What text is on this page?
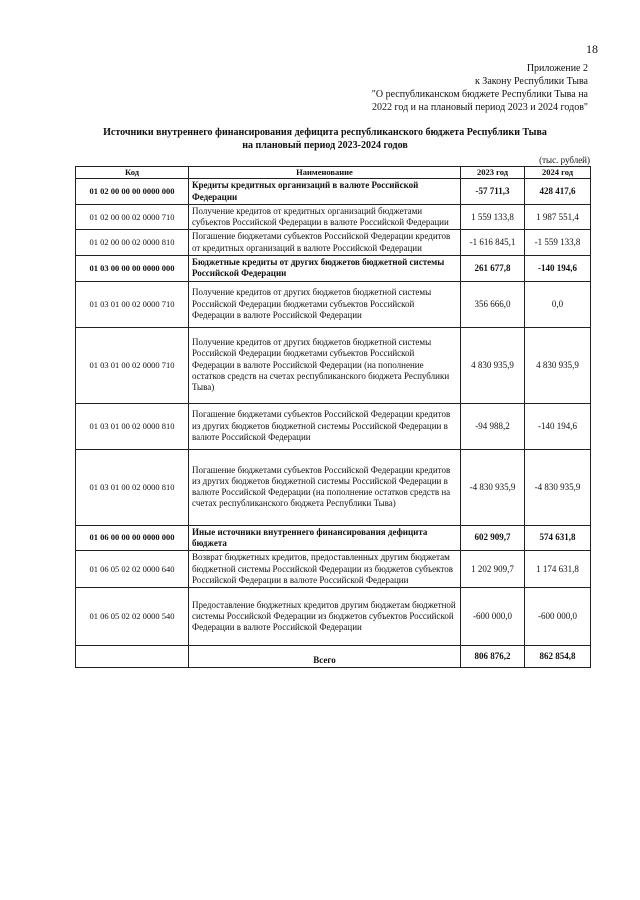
18
Приложение 2
к Закону Республики Тыва
"О республиканском бюджете Республики Тыва на
2022 год и на плановый период 2023 и 2024 годов"
Источники внутреннего финансирования дефицита республиканского бюджета Республики Тыва
на плановый период 2023-2024 годов
(тыс. рублей)
Код	Наименование	2023 год	2024 год
01 02 00 00 00 0000 000	Кредиты кредитных организаций в валюте Российской Федерации	-57 711,3	428 417,6
01 02 00 00 02 0000 710	Получение кредитов от кредитных организаций бюджетами субъектов Российской Федерации в валюте Российской Федерации	1 559 133,8	1 987 551,4
01 02 00 00 02 0000 810	Погашение бюджетами субъектов Российской Федерации кредитов от кредитных организаций в валюте Российской Федерации	-1 616 845,1	-1 559 133,8
01 03 00 00 00 0000 000	Бюджетные кредиты от других бюджетов бюджетной системы Российской Федерации	261 677,8	-140 194,6
01 03 01 00 02 0000 710	Получение кредитов от других бюджетов бюджетной системы Российской Федерации бюджетами субъектов Российской Федерации в валюте Российской Федерации	356 666,0	0,0
01 03 01 00 02 0000 710	Получение кредитов от других бюджетов бюджетной системы Российской Федерации бюджетами субъектов Российской Федерации в валюте Российской Федерации (на пополнение остатков средств на счетах республиканского бюджета Республики Тыва)	4 830 935,9	4 830 935,9
01 03 01 00 02 0000 810	Погашение бюджетами субъектов Российской Федерации кредитов из других бюджетов бюджетной системы Российской Федерации в валюте Российской Федерации	-94 988,2	-140 194,6
01 03 01 00 02 0000 810	Погашение бюджетами субъектов Российской Федерации кредитов из других бюджетов бюджетной системы Российской Федерации в валюте Российской Федерации (на пополнение остатков средств на счетах республиканского бюджета Республики Тыва)	-4 830 935,9	-4 830 935,9
01 06 00 00 00 0000 000	Иные источники внутреннего финансирования дефицита бюджета	602 909,7	574 631,8
01 06 05 02 02 0000 640	Возврат бюджетных кредитов, предоставленных другим бюджетам бюджетной системы Российской Федерации из бюджетов субъектов Российской Федерации в валюте Российской Федерации	1 202 909,7	1 174 631,8
01 06 05 02 02 0000 540	Предоставление бюджетных кредитов другим бюджетам бюджетной системы Российской Федерации из бюджетов субъектов Российской Федерации в валюте Российской Федерации	-600 000,0	-600 000,0
	Всего	806 876,2	862 854,8
